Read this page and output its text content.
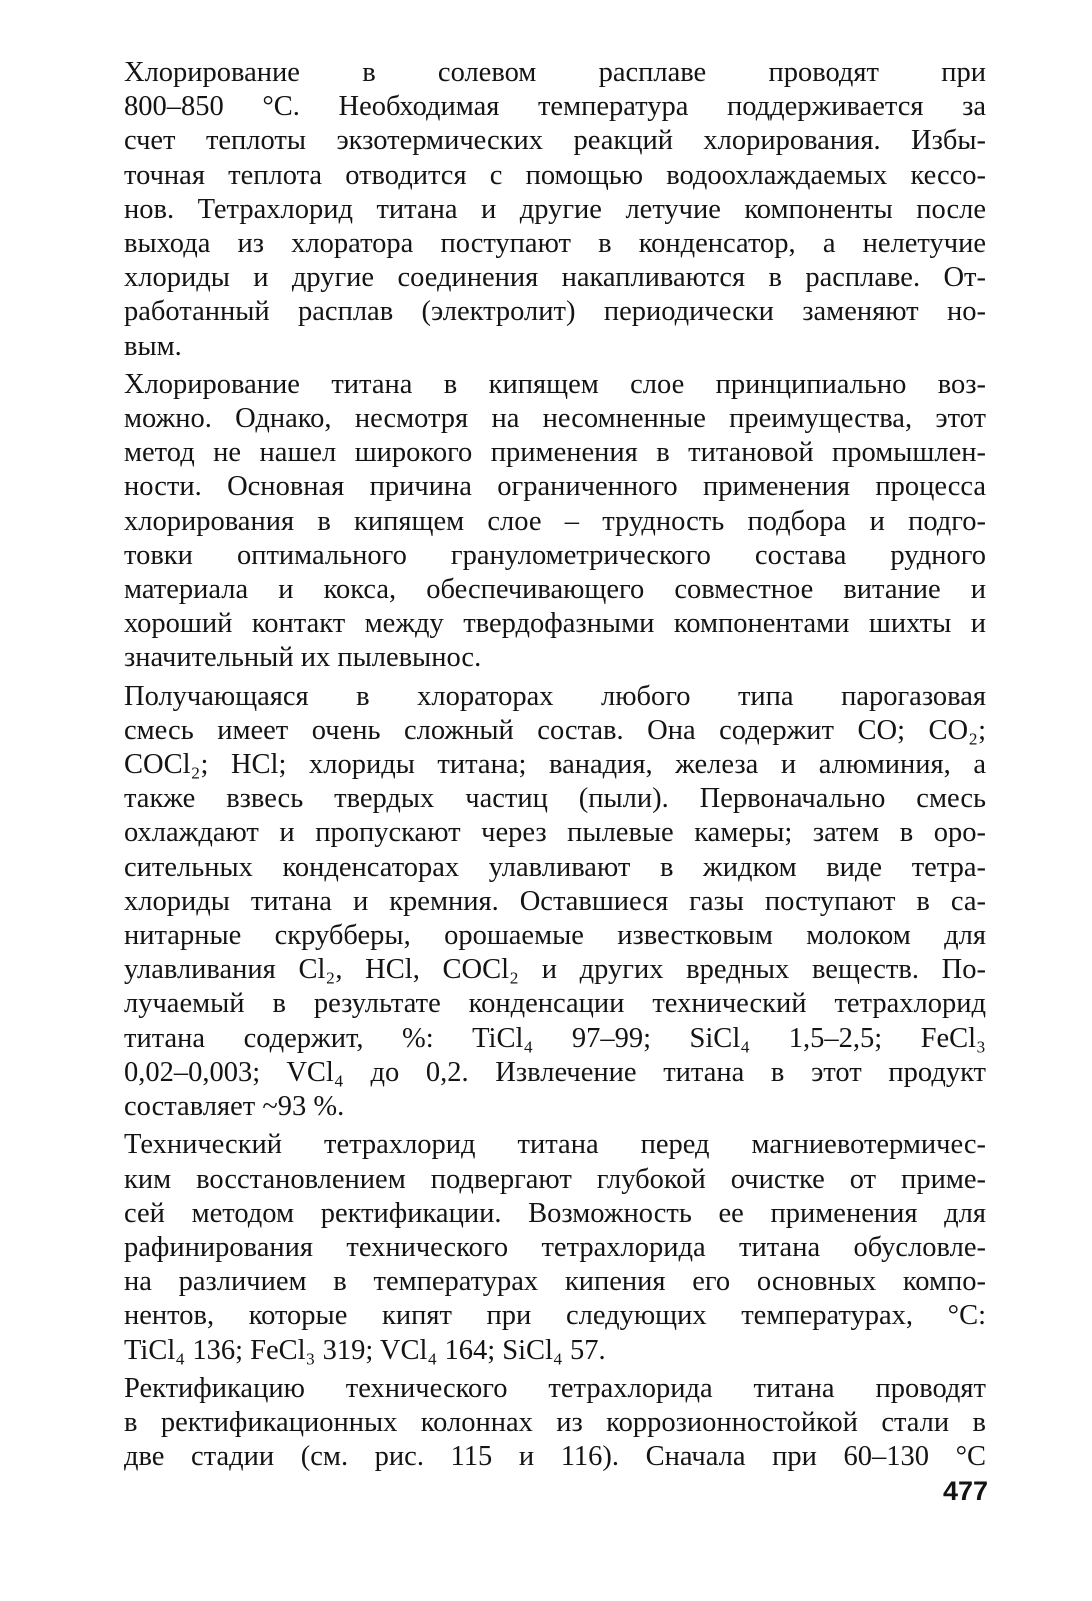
Хлорирование в солевом расплаве проводят при
800–850 °С. Необходимая температура поддерживается за
счет теплоты экзотермических реакций хлорирования. Избы-
точная теплота отводится с помощью водоохлаждаемых кессо-
нов. Тетрахлорид титана и другие летучие компоненты после
выхода из хлоратора поступают в конденсатор, а нелетучие
хлориды и другие соединения накапливаются в расплаве. От-
работанный расплав (электролит) периодически заменяют но-
вым.
Хлорирование титана в кипящем слое принципиально воз-
можно. Однако, несмотря на несомненные преимущества, этот
метод не нашел широкого применения в титановой промышлен-
ности. Основная причина ограниченного применения процесса
хлорирования в кипящем слое – трудность подбора и подго-
товки оптимального гранулометрического состава рудного
материала и кокса, обеспечивающего совместное витание и
хороший контакт между твердофазными компонентами шихты и
значительный их пылевынос.
Получающаяся в хлораторах любого типа парогазовая
смесь имеет очень сложный состав. Она содержит CO; CO₂;
COCl₂; HCl; хлориды титана; ванадия, железа и алюминия, а
также взвесь твердых частиц (пыли). Первоначально смесь
охлаждают и пропускают через пылевые камеры; затем в оро-
сительных конденсаторах улавливают в жидком виде тетра-
хлориды титана и кремния. Оставшиеся газы поступают в са-
нитарные скрубберы, орошаемые известковым молоком для
улавливания Cl₂, HCl, COCl₂ и других вредных веществ. По-
лучаемый в результате конденсации технический тетрахлорид
титана содержит, %: TiCl₄ 97–99; SiCl₄ 1,5–2,5; FeCl₃
0,02–0,003; VCl₄ до 0,2. Извлечение титана в этот продукт
составляет ~93 %.
Технический тетрахлорид титана перед магниевотермичес-
ким восстановлением подвергают глубокой очистке от приме-
сей методом ректификации. Возможность ее применения для
рафинирования технического тетрахлорида титана обусловле-
на различием в температурах кипения его основных компо-
нентов, которые кипят при следующих температурах, °С:
TiCl₄ 136; FeCl₃ 319; VCl₄ 164; SiCl₄ 57.
Ректификацию технического тетрахлорида титана проводят
в ректификационных колоннах из коррозионностойкой стали в
две стадии (см. рис. 115 и 116). Сначала при 60–130 °С
477
